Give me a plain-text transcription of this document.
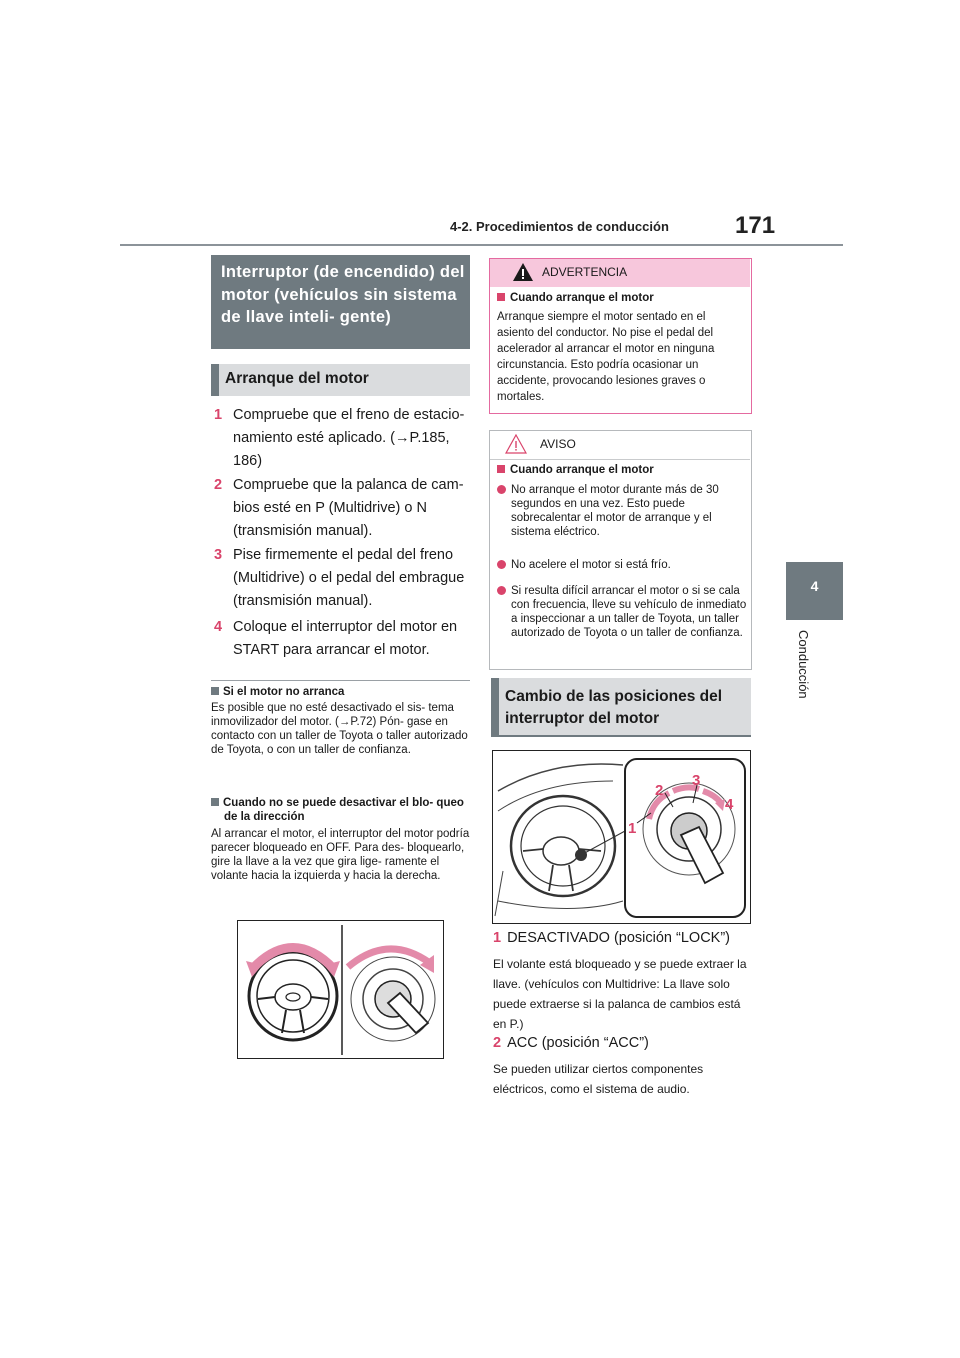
4-2. Procedimientos de conducción	171
4
Conducción
Interruptor (de encendido) del motor (vehículos sin sistema de llave inteli- gente)
Arranque del motor
1 Compruebe que el freno de estacio- namiento esté aplicado. (→P.185, 186)
2 Compruebe que la palanca de cam- bios esté en P (Multidrive) o N (transmisión manual).
3 Pise firmemente el pedal del freno (Multidrive) o el pedal del embrague (transmisión manual).
4 Coloque el interruptor del motor en START para arrancar el motor.
Si el motor no arranca
Es posible que no esté desactivado el sis- tema inmovilizador del motor. (→P.72) Pón- gase en contacto con un taller de Toyota o taller autorizado de Toyota, o con un taller de confianza.
Cuando no se puede desactivar el blo- queo de la dirección
Al arrancar el motor, el interruptor del motor podría parecer bloqueado en OFF. Para des- bloquearlo, gire la llave a la vez que gira lige- ramente el volante hacia la izquierda y hacia la derecha.
ADVERTENCIA
Cuando arranque el motor
Arranque siempre el motor sentado en el asiento del conductor. No pise el pedal del acelerador al arrancar el motor en ninguna circunstancia. Esto podría ocasionar un accidente, provocando lesiones graves o mortales.
AVISO
Cuando arranque el motor
No arranque el motor durante más de 30 segundos en una vez. Esto puede sobrecalentar el motor de arranque y el sistema eléctrico.
No acelere el motor si está frío.
Si resulta difícil arrancar el motor o si se cala con frecuencia, lleve su vehículo de inmediato a inspeccionar a un taller de Toyota, un taller autorizado de Toyota o un taller de confianza.
Cambio de las posiciones del interruptor del motor
1
2
3
4
1 DESACTIVADO (posición “LOCK”)
El volante está bloqueado y se puede extraer la llave. (vehículos con Multidrive: La llave solo puede extraerse si la palanca de cambios está en P.)
2 ACC (posición “ACC”)
Se pueden utilizar ciertos componentes eléctricos, como el sistema de audio.
